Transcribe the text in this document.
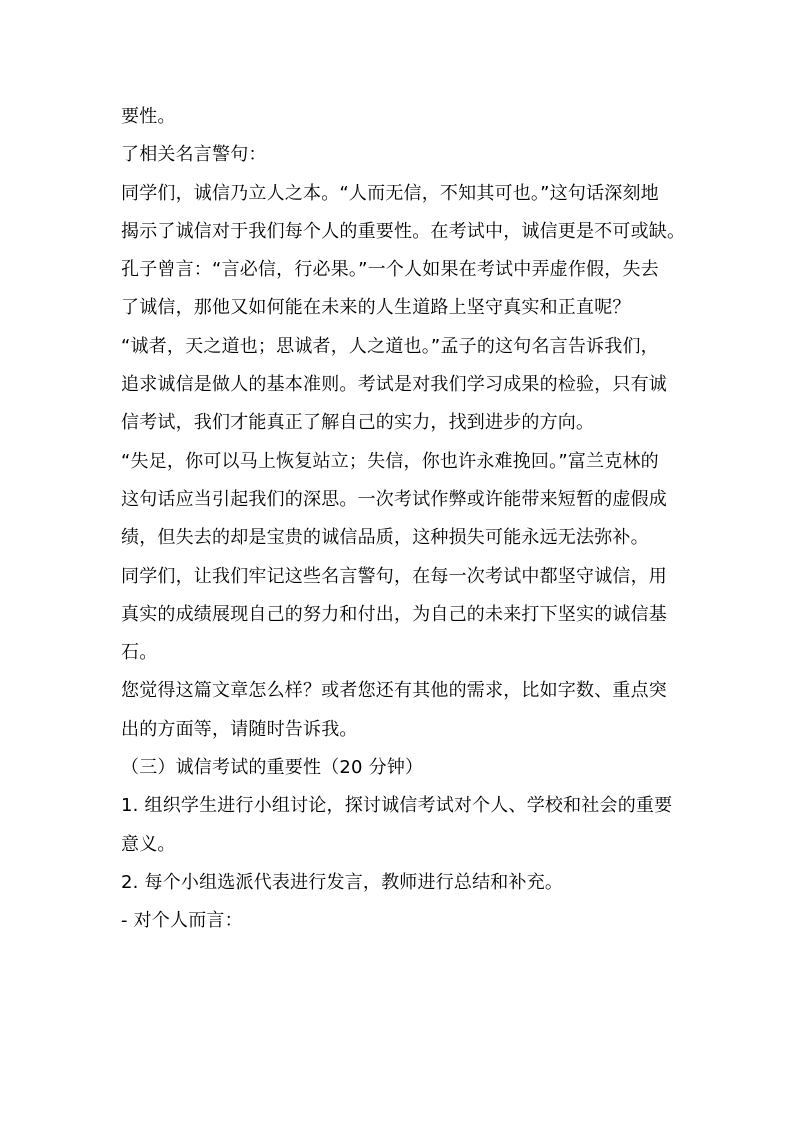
要性。
了相关名言警句：
同学们，诚信乃立人之本。“人而无信，不知其可也。”这句话深刻地
揭示了诚信对于我们每个人的重要性。在考试中，诚信更是不可或缺。
孔子曾言：“言必信，行必果。”一个人如果在考试中弄虚作假，失去
了诚信，那他又如何能在未来的人生道路上坚守真实和正直呢？
“诚者，天之道也；思诚者，人之道也。”孟子的这句名言告诉我们，
追求诚信是做人的基本准则。考试是对我们学习成果的检验，只有诚
信考试，我们才能真正了解自己的实力，找到进步的方向。
“失足，你可以马上恢复站立；失信，你也许永难挽回。”富兰克林的
这句话应当引起我们的深思。一次考试作弊或许能带来短暂的虚假成
绩，但失去的却是宝贵的诚信品质，这种损失可能永远无法弥补。
同学们，让我们牢记这些名言警句，在每一次考试中都坚守诚信，用
真实的成绩展现自己的努力和付出，为自己的未来打下坚实的诚信基
石。
您觉得这篇文章怎么样？或者您还有其他的需求，比如字数、重点突
出的方面等，请随时告诉我。
（三）诚信考试的重要性（20 分钟）
1. 组织学生进行小组讨论，探讨诚信考试对个人、学校和社会的重要
意义。
2. 每个小组选派代表进行发言，教师进行总结和补充。
- 对个人而言：
